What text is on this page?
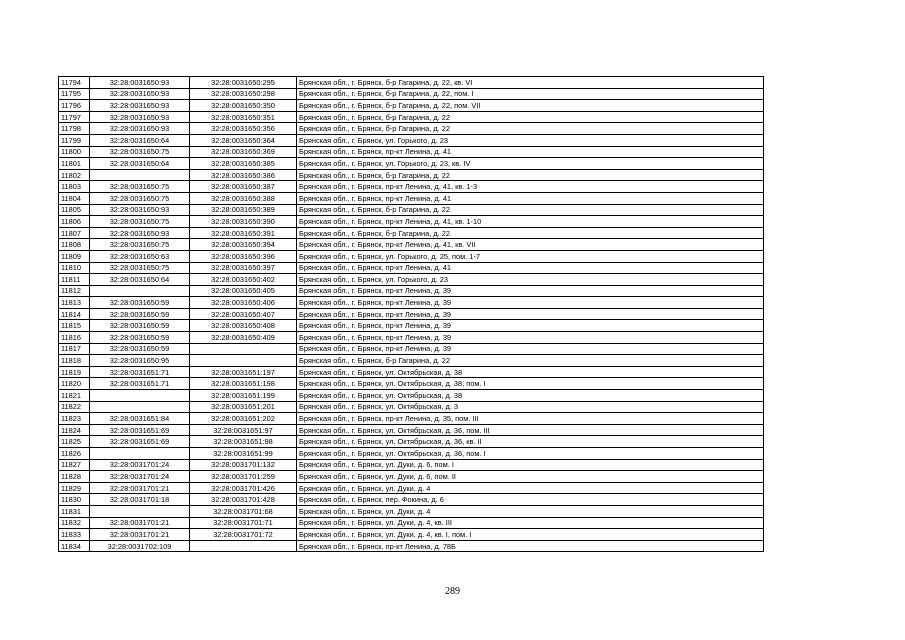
11794	32:28:0031650:93	32:28:0031650:295	Брянская обл., г. Брянск, б-р Гагарина, д. 22, кв. VI
11795	32:28:0031650:93	32:28:0031650:298	Брянская обл., г. Брянск, б-р Гагарина, д. 22, пом. I
11796	32:28:0031650:93	32:28:0031650:350	Брянская обл., г. Брянск, б-р Гагарина, д. 22, пом. VII
11797	32:28:0031650:93	32:28:0031650:351	Брянская обл., г. Брянск, б-р Гагарина, д. 22
11798	32:28:0031650:93	32:28:0031650:356	Брянская обл., г. Брянск, б-р Гагарина, д. 22
11799	32:28:0031650:64	32:28:0031650:364	Брянская обл., г. Брянск, ул. Горького, д. 23
11800	32:28:0031650:75	32:28:0031650:369	Брянская обл., г. Брянск, пр-кт Ленина, д. 41
11801	32:28:0031650:64	32:28:0031650:385	Брянская обл., г. Брянск, ул. Горького, д. 23, кв. IV
11802		32:28:0031650:386	Брянская обл., г. Брянск, б-р Гагарина, д. 22
11803	32:28:0031650:75	32:28:0031650:387	Брянская обл., г. Брянск, пр-кт Ленина, д. 41, кв. 1-3
11804	32:28:0031650:75	32:28:0031650:388	Брянская обл., г. Брянск, пр-кт Ленина, д. 41
11805	32:28:0031650:93	32:28:0031650:389	Брянская обл., г. Брянск, б-р Гагарина, д. 22
11806	32:28:0031650:75	32:28:0031650:390	Брянская обл., г. Брянск, пр-кт Ленина, д. 41, кв. 1-10
11807	32:28:0031650:93	32:28:0031650:391	Брянская обл., г. Брянск, б-р Гагарина, д. 22
11808	32:28:0031650:75	32:28:0031650:394	Брянская обл., г. Брянск, пр-кт Ленина, д. 41, кв. VII
11809	32:28:0031650:63	32:28:0031650:396	Брянская обл., г. Брянск, ул. Горького, д. 25, пом. 1-7
11810	32:28:0031650:75	32:28:0031650:397	Брянская обл., г. Брянск, пр-кт Ленина, д. 41
11811	32:28:0031650:64	32:28:0031650:402	Брянская обл., г. Брянск, ул. Горького, д. 23
11812		32:28:0031650:405	Брянская обл., г. Брянск, пр-кт Ленина, д. 39
11813	32:28:0031650:59	32:28:0031650:406	Брянская обл., г. Брянск, пр-кт Ленина, д. 39
11814	32:28:0031650:59	32:28:0031650:407	Брянская обл., г. Брянск, пр-кт Ленина, д. 39
11815	32:28:0031650:59	32:28:0031650:408	Брянская обл., г. Брянск, пр-кт Ленина, д. 39
11816	32:28:0031650:59	32:28:0031650:409	Брянская обл., г. Брянск, пр-кт Ленина, д. 39
11817	32:28:0031650:59		Брянская обл., г. Брянск, пр-кт Ленина, д. 39
11818	32:28:0031650:95		Брянская обл., г. Брянск, б-р Гагарина, д. 22
11819	32:28:0031651:71	32:28:0031651:197	Брянская обл., г. Брянск, ул. Октябрьская, д. 38
11820	32:28:0031651:71	32:28:0031651:198	Брянская обл., г. Брянск, ул. Октябрьская, д. 38, пом. I
11821		32:28:0031651:199	Брянская обл., г. Брянск, ул. Октябрьская, д. 38
11822		32:28:0031651:201	Брянская обл., г. Брянск, ул. Октябрьская, д. 3
11823	32:28:0031651:84	32:28:0031651:202	Брянская обл., г. Брянск, пр-кт Ленина, д. 35, пом. III
11824	32:28:0031651:69	32:28:0031651:97	Брянская обл., г. Брянск, ул. Октябрьская, д. 36, пом. III
11825	32:28:0031651:69	32:28:0031651:98	Брянская обл., г. Брянск, ул. Октябрьская, д. 36, кв. II
11826		32:28:0031651:99	Брянская обл., г. Брянск, ул. Октябрьская, д. 36, пом. I
11827	32:28:0031701:24	32:28:0031701:132	Брянская обл., г. Брянск, ул. Дуки, д. 6, пом. I
11828	32:28:0031701:24	32:28:0031701:259	Брянская обл., г. Брянск, ул. Дуки, д. 6, пом. II
11829	32:28:0031701:21	32:28:0031701:426	Брянская обл., г. Брянск, ул. Дуки, д. 4
11830	32:28:0031701:18	32:28:0031701:428	Брянская обл., г. Брянск, пер. Фокина, д. 6
11831		32:28:0031701:68	Брянская обл., г. Брянск, ул. Дуки, д. 4
11832	32:28:0031701:21	32:28:0031701:71	Брянская обл., г. Брянск, ул. Дуки, д. 4, кв. III
11833	32:28:0031701:21	32:28:0031701:72	Брянская обл., г. Брянск, ул. Дуки, д. 4, кв. I, пом. I
11834	32:28:0031702:109		Брянская обл., г. Брянск, пр-кт Ленина, д. 78Б
289
